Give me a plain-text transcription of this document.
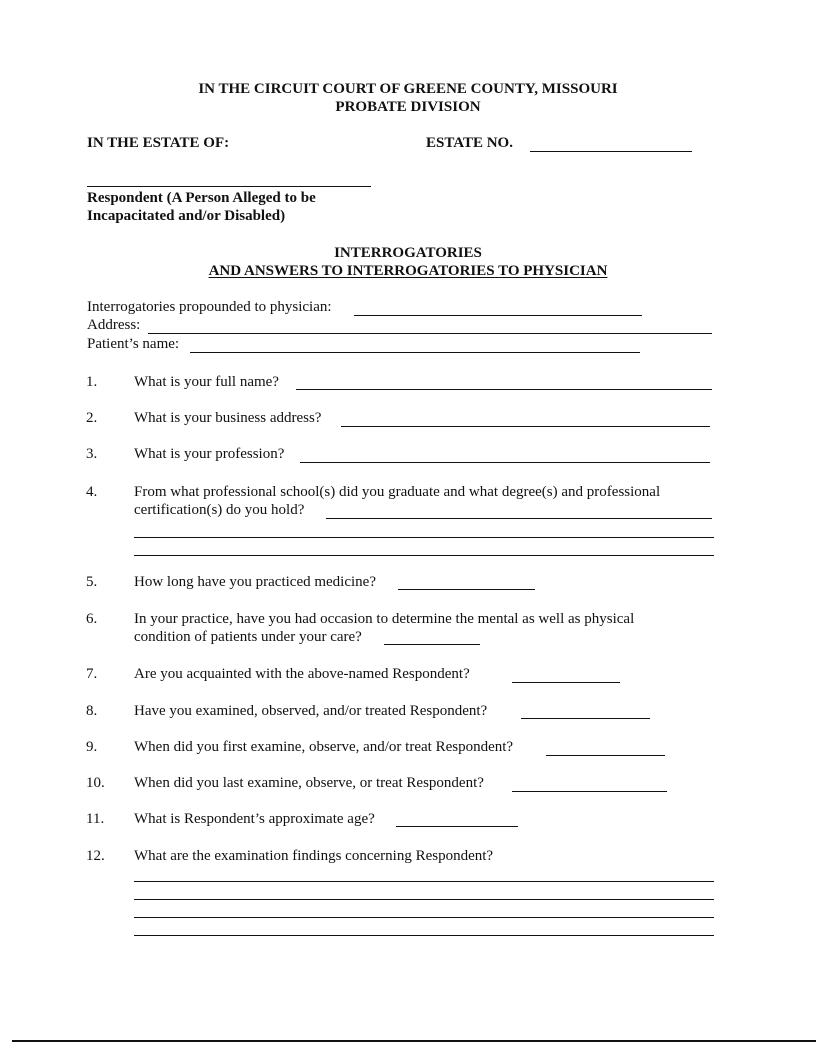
IN THE CIRCUIT COURT OF GREENE COUNTY, MISSOURI
PROBATE DIVISION
IN THE ESTATE OF:	ESTATE NO.
Respondent (A Person Alleged to be
Incapacitated and/or Disabled)
INTERROGATORIES
AND ANSWERS TO INTERROGATORIES TO PHYSICIAN
Interrogatories propounded to physician:
Address:
Patient’s name:
1. What is your full name?
2. What is your business address?
3. What is your profession?
4. From what professional school(s) did you graduate and what degree(s) and professional
certification(s) do you hold?
5. How long have you practiced medicine?
6. In your practice, have you had occasion to determine the mental as well as physical
condition of patients under your care?
7. Are you acquainted with the above-named Respondent?
8. Have you examined, observed, and/or treated Respondent?
9. When did you first examine, observe, and/or treat Respondent?
10. When did you last examine, observe, or treat Respondent?
11. What is Respondent’s approximate age?
12. What are the examination findings concerning Respondent?
